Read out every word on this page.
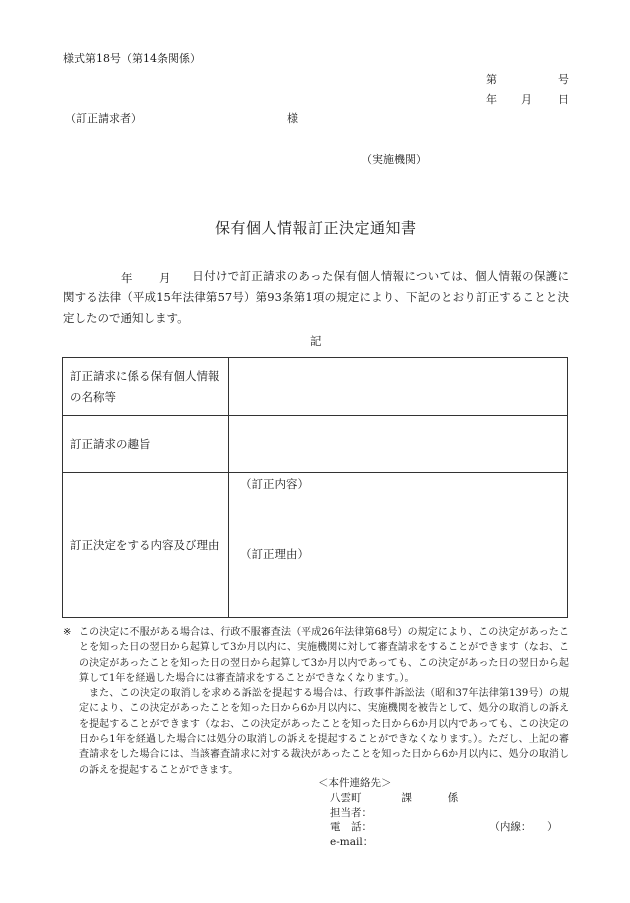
様式第18号（第14条関係）
第	号
年 月 日
（訂正請求者）	様
（実施機関）
保有個人情報訂正決定通知書
年 月	日付けで訂正請求のあった保有個人情報については、個人情報の保護に関する法律（平成15年法律第57号）第93条第1項の規定により、下記のとおり訂正することと決定したので通知します。
記
訂正請求に係る保有個人情報の名称等	
訂正請求の趣旨	
訂正決定をする内容及び理由	（訂正内容）
（訂正理由）
※ この決定に不服がある場合は、行政不服審査法（平成26年法律第68号）の規定により、この決定があったことを知った日の翌日から起算して3か月以内に、実施機関に対して審査請求をすることができます（なお、この決定があったことを知った日の翌日から起算して3か月以内であっても、この決定があった日の翌日から起算して1年を経過した場合には審査請求をすることができなくなります。）。

また、この決定の取消しを求める訴訟を提起する場合は、行政事件訴訟法（昭和37年法律第139号）の規定により、この決定があったことを知った日から6か月以内に、実施機関を被告として、処分の取消しの訴えを提起することができます（なお、この決定があったことを知った日から6か月以内であっても、この決定の日から1年を経過した場合には処分の取消しの訴えを提起することができなくなります。）。ただし、上記の審査請求をした場合には、当該審査請求に対する裁決があったことを知った日から6か月以内に、処分の取消しの訴えを提起することができます。

＜本件連絡先＞
八雲町	課	係
担当者：
電　話：	（内線：　　）
e-mail：
